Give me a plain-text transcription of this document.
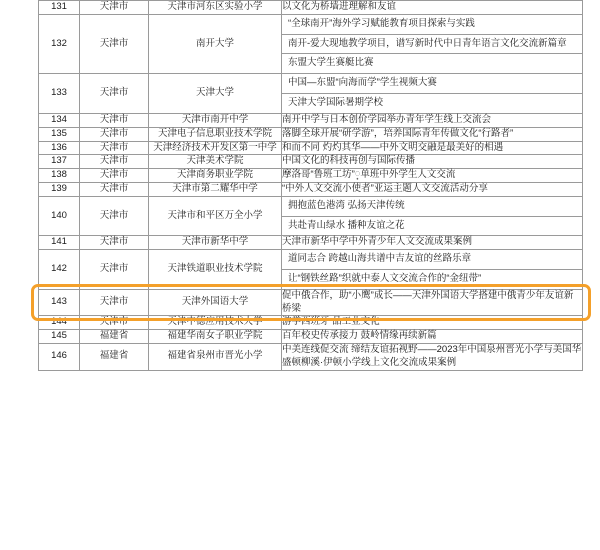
131	天津市	天津市河东区实验小学	以文化为桥墙进理解和友谊
132	天津市	南开大学	“全球南开”海外学习赋能教育项目探索与实践
南开-爱大现地教学项目，谱写新时代中日青年语言文化交流新篇章
东盟大学生赛艇比赛

133	天津市	天津大学	中国—东盟“向海而学”学生视频大赛
天津大学国际暑期学校

134	天津市	天津市南开中学	南开中学与日本创价学园举办青年学生线上交流会
135	天津市	天津电子信息职业技术学院	落脚全球开展“研学游”，培养国际青年传做文化“行路者”
136	天津市	天津经济技术开发区第一中学	和而不同 灼灼其华——中外文明交融是最美好的相遇
137	天津市	天津美术学院	中国文化的科技再创与国际传播
138	天津市	天津商务职业学院	摩洛哥“鲁班工坊”្单班中外学生人文交流
139	天津市	天津市第二耀华中学	“中外人文交流小使者”亚运主题人文交流活动分享
140	天津市	天津市和平区万全小学	拥抱蓝色港湾 弘扬天津传统
共赴青山绿水 播种友谊之花

141	天津市	天津市新华中学	天津市新华中学中外青少年人文交流成果案例
142	天津市	天津铁道职业技术学院	道同志合 跨越山海共谱中吉友谊的丝路乐章
让“钢铁丝路”织就中泰人文交流合作的“金纽带”

143	天津市	天津外国语大学	促中俄合作，助“小鹰”成长——天津外国语大学搭建中俄青少年友谊新桥梁
144	天津市	天津中德应用技术大学	游学西班牙 品工业文化
145	福建省	福建华南女子职业学院	百年校史传承接力 鼓岭情缘再续新篇
146	福建省	福建省泉州市晋光小学	中美连线促交流 缔结友谊拓视野——2023年中国泉州晋光小学与美国华盛顿柳溪·伊顿小学线上文化交流成果案例
